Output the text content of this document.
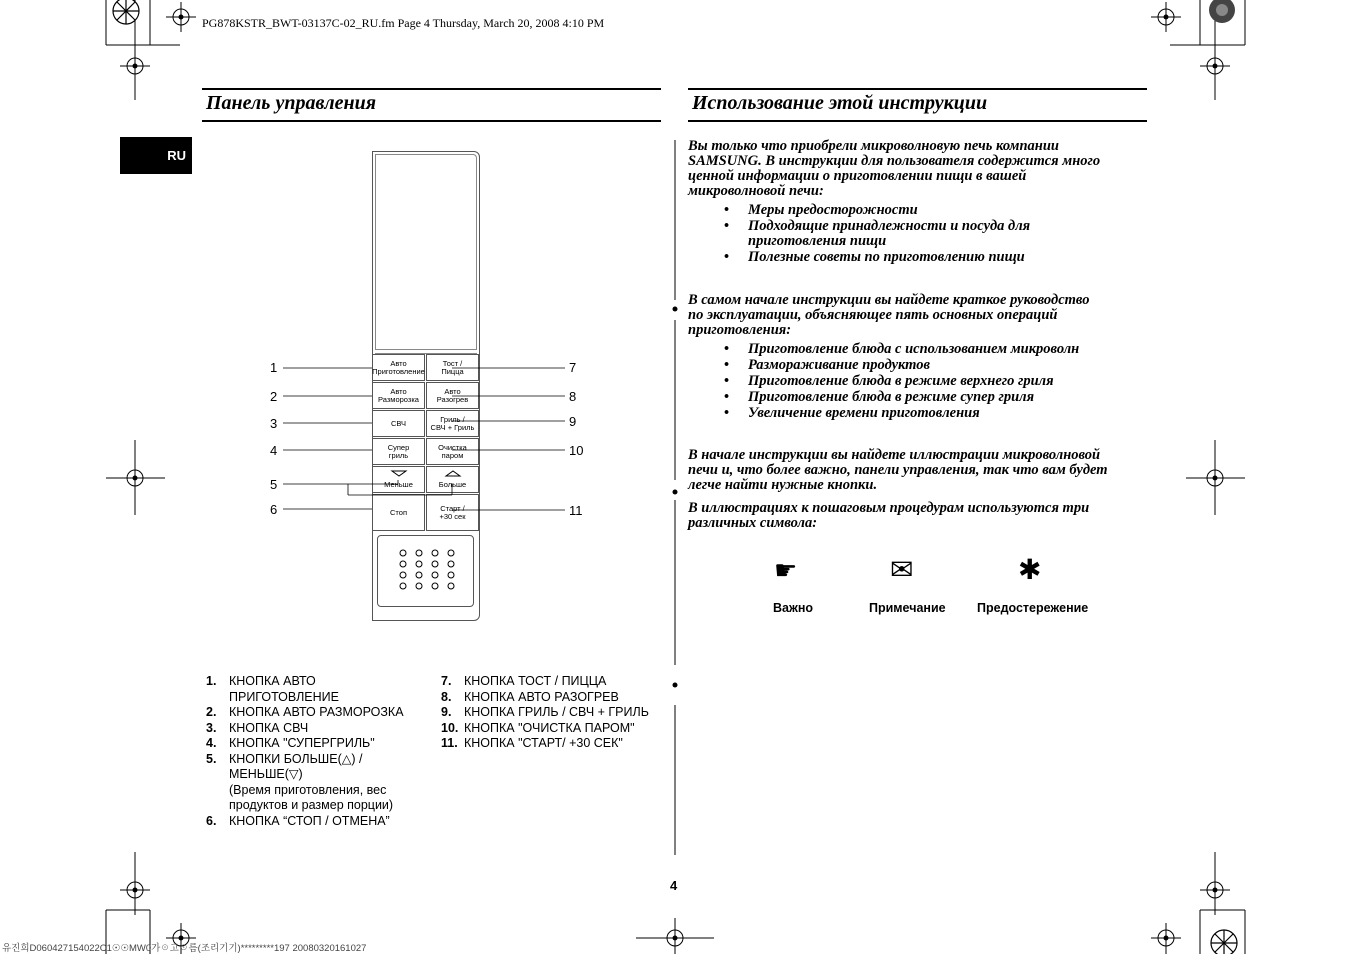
PG878KSTR_BWT-03137C-02_RU.fm Page 4 Thursday, March 20, 2008 4:10 PM
RU
Панель управления	Использование этой инструкции
Авто
Приготовление
Тост /
Пицца
Авто
Разморозка
Авто
Разогрев
СВЧ	Гриль /
СВЧ + Гриль
Супер
гриль
Очистка
паром
Меньше	Больше
Стоп	Старт /
+30 сек
1
2
3
4
5
6
7
8
9
10
11
1.	КНОПКА АВТО
ПРИГОТОВЛЕНИЕ
2.	КНОПКА АВТО РАЗМОРОЗКА
3.	КНОПКА СВЧ
4.	КНОПКА "СУПЕРГРИЛЬ"
5.	КНОПКИ БОЛЬШЕ(△) /
МЕНЬШЕ(▽)
(Время приготовления, вес
продуктов и размер порции)
6.	КНОПКА “СТОП / ОТМЕНА”
7.	КНОПКА ТОСТ / ПИЦЦА
8.	КНОПКА АВТО РАЗОГРЕВ
9.	КНОПКА ГРИЛЬ / СВЧ + ГРИЛЬ
10. КНОПКА "ОЧИСТКА ПАРОМ"
11. КНОПКА "СТАРТ/ +30 СЕК"

Вы только что приобрели микроволновую печь компании
SAMSUNG. В инструкции для пользователя содержится много
ценной информации о приготовлении пищи в вашей
микроволновой печи:

• Меры предосторожности
• Подходящие принадлежности и посуда для
приготовления пищи
• Полезные советы по приготовлению пищи

В самом начале инструкции вы найдете краткое руководство
по эксплуатации, объясняющее пять основных операций
приготовления:

• Приготовление блюда с использованием микроволн
• Размораживание продуктов
• Приготовление блюда в режиме верхнего гриля
• Приготовление блюда в режиме супер гриля
• Увеличение времени приготовления

В начале инструкции вы найдете иллюстрации микроволновой
печи и, что более важно, панели управления, так что вам будет
легче найти нужные кнопки.

В иллюстрациях к пошаговым процедурам используются три
различных символа:

☛
Важно
✉
Примечание
✱
Предостережение
4
유진희D060427154022C1☉☉MW0가☉고☉름(조리기기)*********197 20080320161027
